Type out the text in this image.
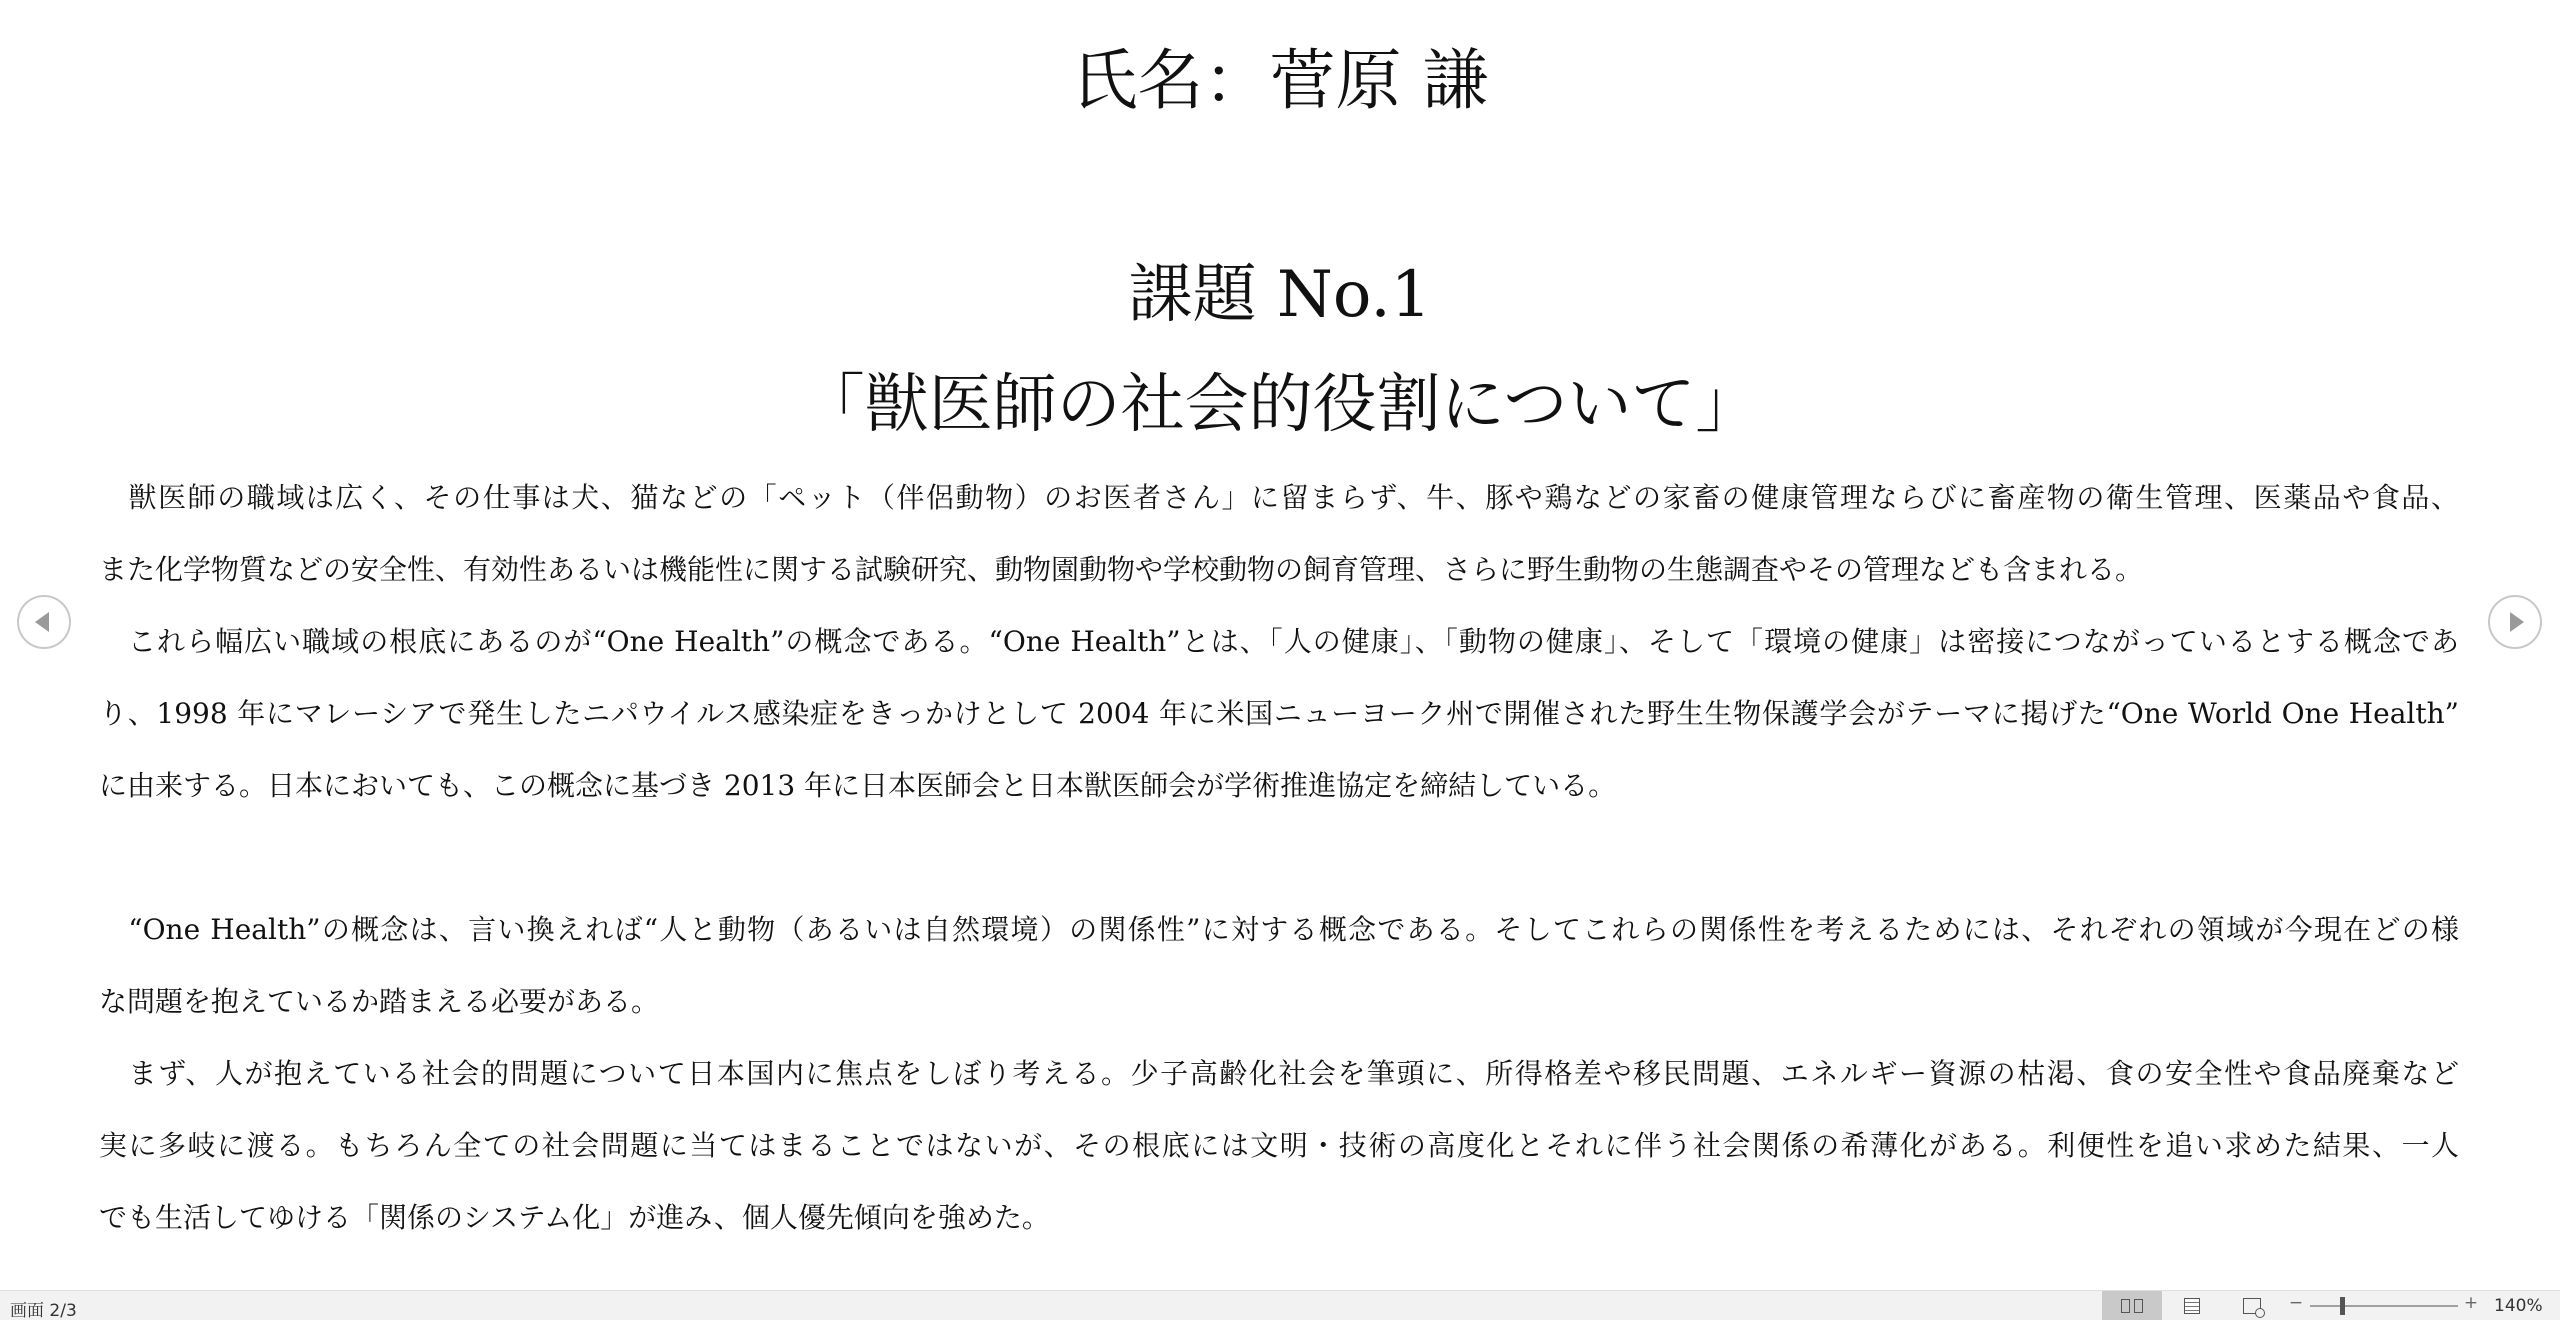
氏名：菅原 謙
課題 No.1
「獣医師の社会的役割について」
　獣医師の職域は広く、その仕事は犬、猫などの「ペット（伴侶動物）のお医者さん」に留まらず、牛、豚や鶏などの家畜の健康管理ならびに畜産物の衛生管理、医薬品や食品、
また化学物質などの安全性、有効性あるいは機能性に関する試験研究、動物園動物や学校動物の飼育管理、さらに野生動物の生態調査やその管理なども含まれる。
　これら幅広い職域の根底にあるのが“One Health”の概念である。“One Health”とは、「人の健康」、「動物の健康」、そして「環境の健康」は密接につながっているとする概念であ
り、1998 年にマレーシアで発生したニパウイルス感染症をきっかけとして 2004 年に米国ニューヨーク州で開催された野生生物保護学会がテーマに掲げた“One World One Health”
に由来する。日本においても、この概念に基づき 2013 年に日本医師会と日本獣医師会が学術推進協定を締結している。
　“One Health”の概念は、言い換えれば“人と動物（あるいは自然環境）の関係性”に対する概念である。そしてこれらの関係性を考えるためには、それぞれの領域が今現在どの様
な問題を抱えているか踏まえる必要がある。
　まず、人が抱えている社会的問題について日本国内に焦点をしぼり考える。少子高齢化社会を筆頭に、所得格差や移民問題、エネルギー資源の枯渇、食の安全性や食品廃棄など
実に多岐に渡る。もちろん全ての社会問題に当てはまることではないが、その根底には文明・技術の高度化とそれに伴う社会関係の希薄化がある。利便性を追い求めた結果、一人
でも生活してゆける「関係のシステム化」が進み、個人優先傾向を強めた。
画面 2/3	−	+ 140%
